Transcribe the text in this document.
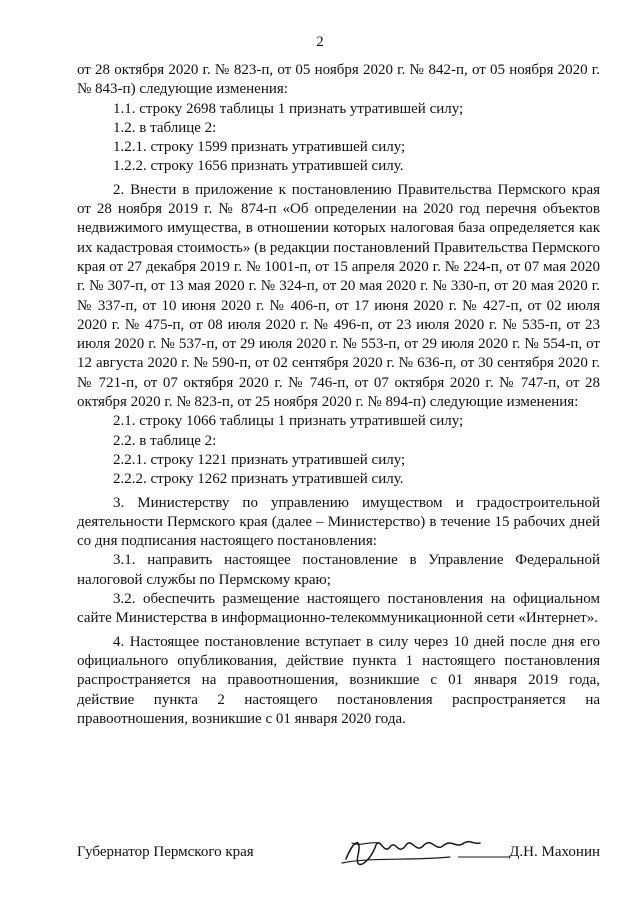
2

от 28 октября 2020 г. № 823-п, от 05 ноября 2020 г. № 842-п, от 05 ноября 2020 г. № 843-п) следующие изменения:

1.1. строку 2698 таблицы 1 признать утратившей силу;

1.2. в таблице 2:

1.2.1. строку 1599 признать утратившей силу;

1.2.2. строку 1656 признать утратившей силу.

2. Внести в приложение к постановлению Правительства Пермского края от 28 ноября 2019 г. № 874-п «Об определении на 2020 год перечня объектов недвижимого имущества, в отношении которых налоговая база определяется как их кадастровая стоимость» (в редакции постановлений Правительства Пермского края от 27 декабря 2019 г. № 1001-п, от 15 апреля 2020 г. № 224-п, от 07 мая 2020 г. № 307-п, от 13 мая 2020 г. № 324-п, от 20 мая 2020 г. № 330-п, от 20 мая 2020 г. № 337-п, от 10 июня 2020 г. № 406-п, от 17 июня 2020 г. № 427-п, от 02 июля 2020 г. № 475-п, от 08 июля 2020 г. № 496-п, от 23 июля 2020 г. № 535-п, от 23 июля 2020 г. № 537-п, от 29 июля 2020 г. № 553-п, от 29 июля 2020 г. № 554-п, от 12 августа 2020 г. № 590-п, от 02 сентября 2020 г. № 636-п, от 30 сентября 2020 г. № 721-п, от 07 октября 2020 г. № 746-п, от 07 октября 2020 г. № 747-п, от 28 октября 2020 г. № 823-п, от 25 ноября 2020 г. № 894-п) следующие изменения:

2.1. строку 1066 таблицы 1 признать утратившей силу;

2.2. в таблице 2:

2.2.1. строку 1221 признать утратившей силу;

2.2.2. строку 1262 признать утратившей силу.

3. Министерству по управлению имуществом и градостроительной деятельности Пермского края (далее – Министерство) в течение 15 рабочих дней со дня подписания настоящего постановления:

3.1. направить настоящее постановление в Управление Федеральной налоговой службы по Пермскому краю;

3.2. обеспечить размещение настоящего постановления на официальном сайте Министерства в информационно-телекоммуникационной сети «Интернет».

4. Настоящее постановление вступает в силу через 10 дней после дня его официального опубликования, действие пункта 1 настоящего постановления распространяется на правоотношения, возникшие с 01 января 2019 года, действие пункта 2 настоящего постановления распространяется на правоотношения, возникшие с 01 января 2020 года.

Губернатор Пермского края	Д.Н. Махонин
